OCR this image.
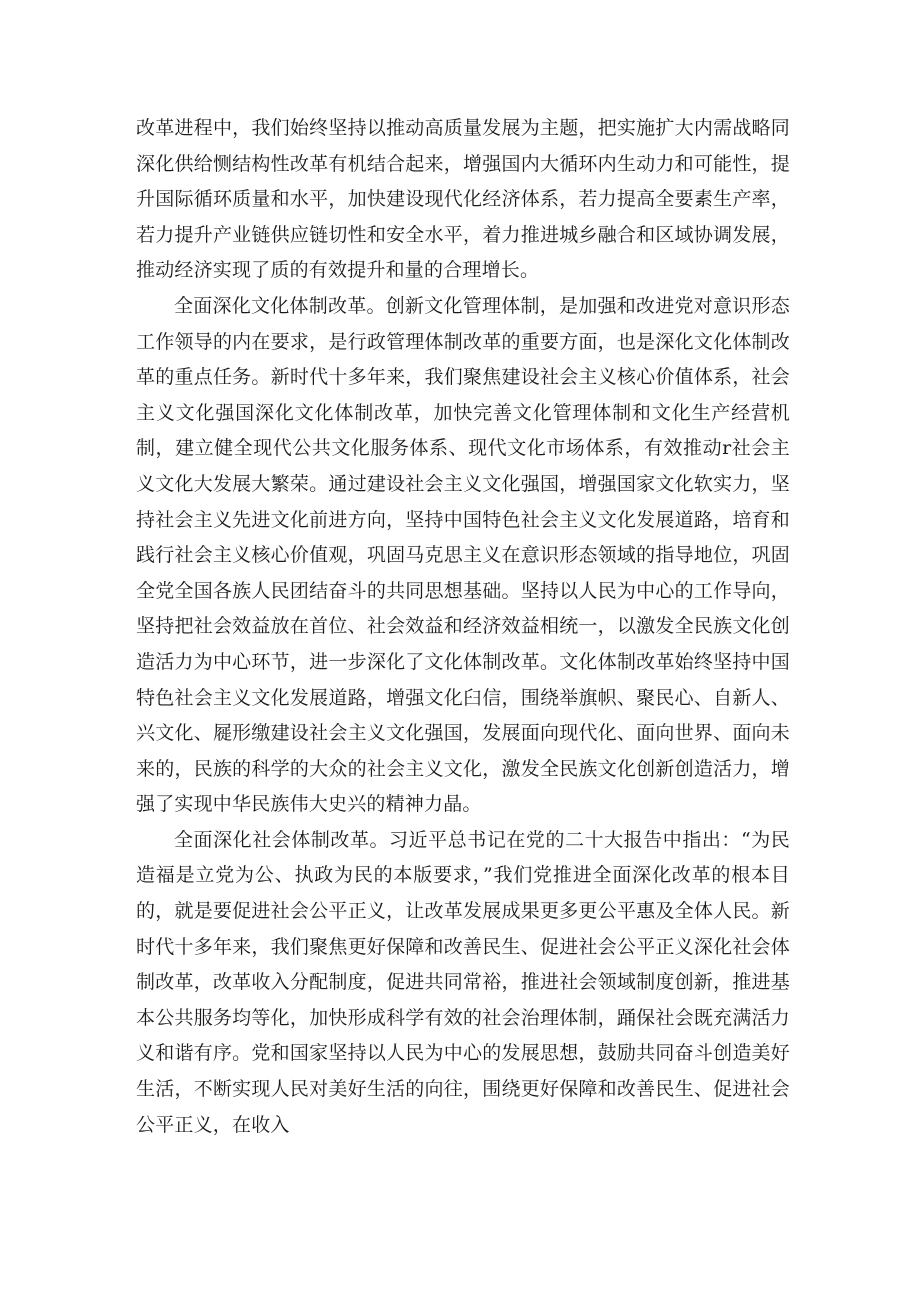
改革进程中，我们始终坚持以推动高质量发展为主题，把实施扩大内需战略同深化供给恻结构性改革有机结合起来，增强国内大循环内生动力和可能性，提升国际循环质量和水平，加快建设现代化经济体系，若力提高全要素生产率，若力提升产业链供应链切性和安全水平，着力推进城乡融合和区域协调发展，推动经济实现了质的有效提升和量的合理增长。

全面深化文化体制改革。创新文化管理体制，是加强和改进党对意识形态工作领导的内在要求，是行政管理体制改革的重要方面，也是深化文化体制改革的重点任务。新时代十多年来，我们聚焦建设社会主义核心价值体系，社会主义文化强国深化文化体制改革，加快完善文化管理体制和文化生产经营机制，建立健全现代公共文化服务体系、现代文化市场体系，有效推动r社会主义文化大发展大繁荣。通过建设社会主义文化强国，增强国家文化软实力，坚持社会主义先进文化前进方向，坚持中国特色社会主义文化发展道路，培育和践行社会主义核心价值观，巩固马克思主义在意识形态领域的指导地位，巩固全党全国各族人民团结奋斗的共同思想基础。坚持以人民为中心的工作导向，坚持把社会效益放在首位、社会效益和经济效益相统一，以激发全民族文化创造活力为中心环节，进一步深化了文化体制改革。文化体制改革始终坚持中国特色社会主义文化发展道路，增强文化臼信，围绕举旗帜、聚民心、自新人、兴文化、屣形缴建设社会主义文化强国，发展面向现代化、面向世界、面向未来的，民族的科学的大众的社会主义文化，激发全民族文化创新创造活力，增强了实现中华民族伟大史兴的精神力晶。

全面深化社会体制改革。习近平总书记在党的二十大报告中指出：“为民造福是立党为公、执政为民的本版要求，”我们党推进全面深化改革的根本目的，就是要促进社会公平正义，让改革发展成果更多更公平惠及全体人民。新时代十多年来，我们聚焦更好保障和改善民生、促进社会公平正义深化社会体制改革，改革收入分配制度，促进共同常裕，推进社会领域制度创新，推进基本公共服务均等化，加快形成科学有效的社会治理体制，踊保社会既充满活力义和谐有序。党和国家坚持以人民为中心的发展思想，鼓励共同奋斗创造美好生活，不断实现人民对美好生活的向往，围绕更好保障和改善民生、促进社会公平正义，在收入
